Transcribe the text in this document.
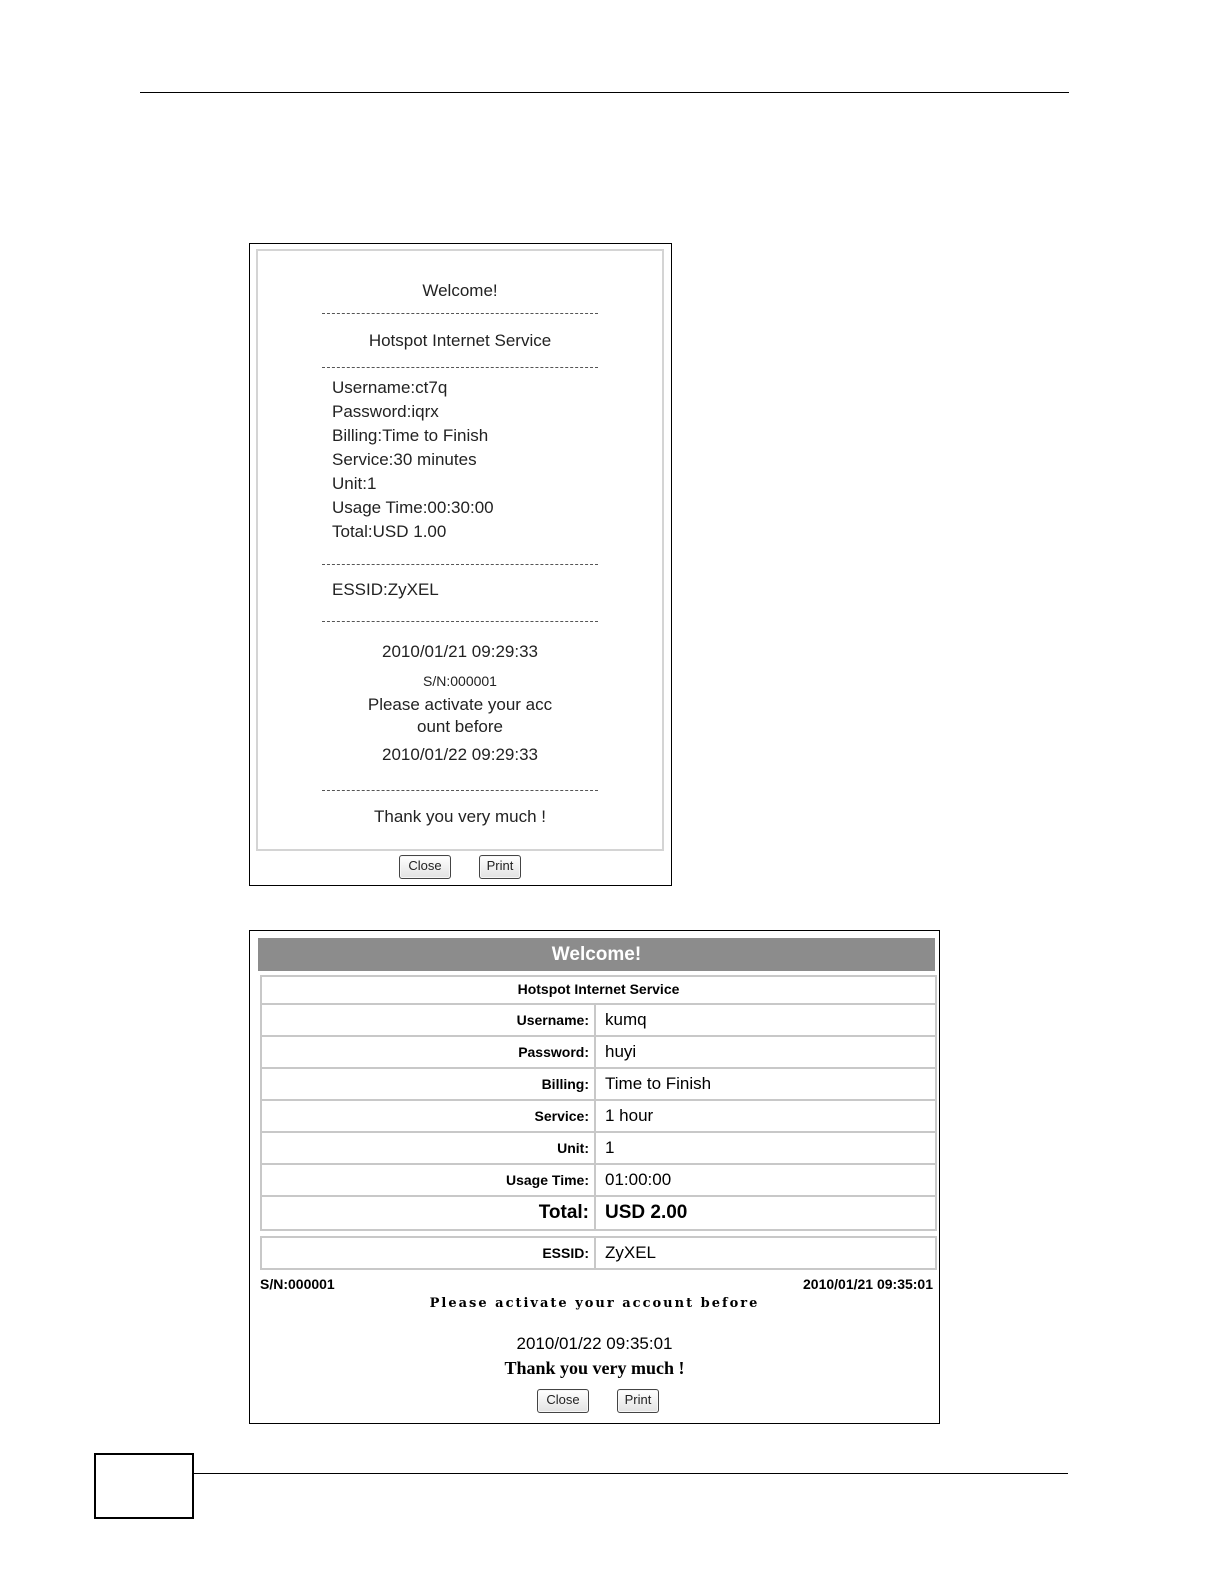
Welcome!
Hotspot Internet Service
Username:ct7q
Password:iqrx
Billing:Time to Finish
Service:30 minutes
Unit:1
Usage Time:00:30:00
Total:USD 1.00
ESSID:ZyXEL
2010/01/21 09:29:33
S/N:000001
Please activate your acc
ount before
2010/01/22 09:29:33
Thank you very much !
Close	Print
Welcome!
Hotspot Internet Service
Username: kumq
Password: huyi
Billing: Time to Finish
Service: 1 hour
Unit: 1
Usage Time: 01:00:00
Total: USD 2.00
ESSID: ZyXEL
S/N:000001	2010/01/21 09:35:01
Please activate your account before
2010/01/22 09:35:01
Thank you very much !
Close	Print
